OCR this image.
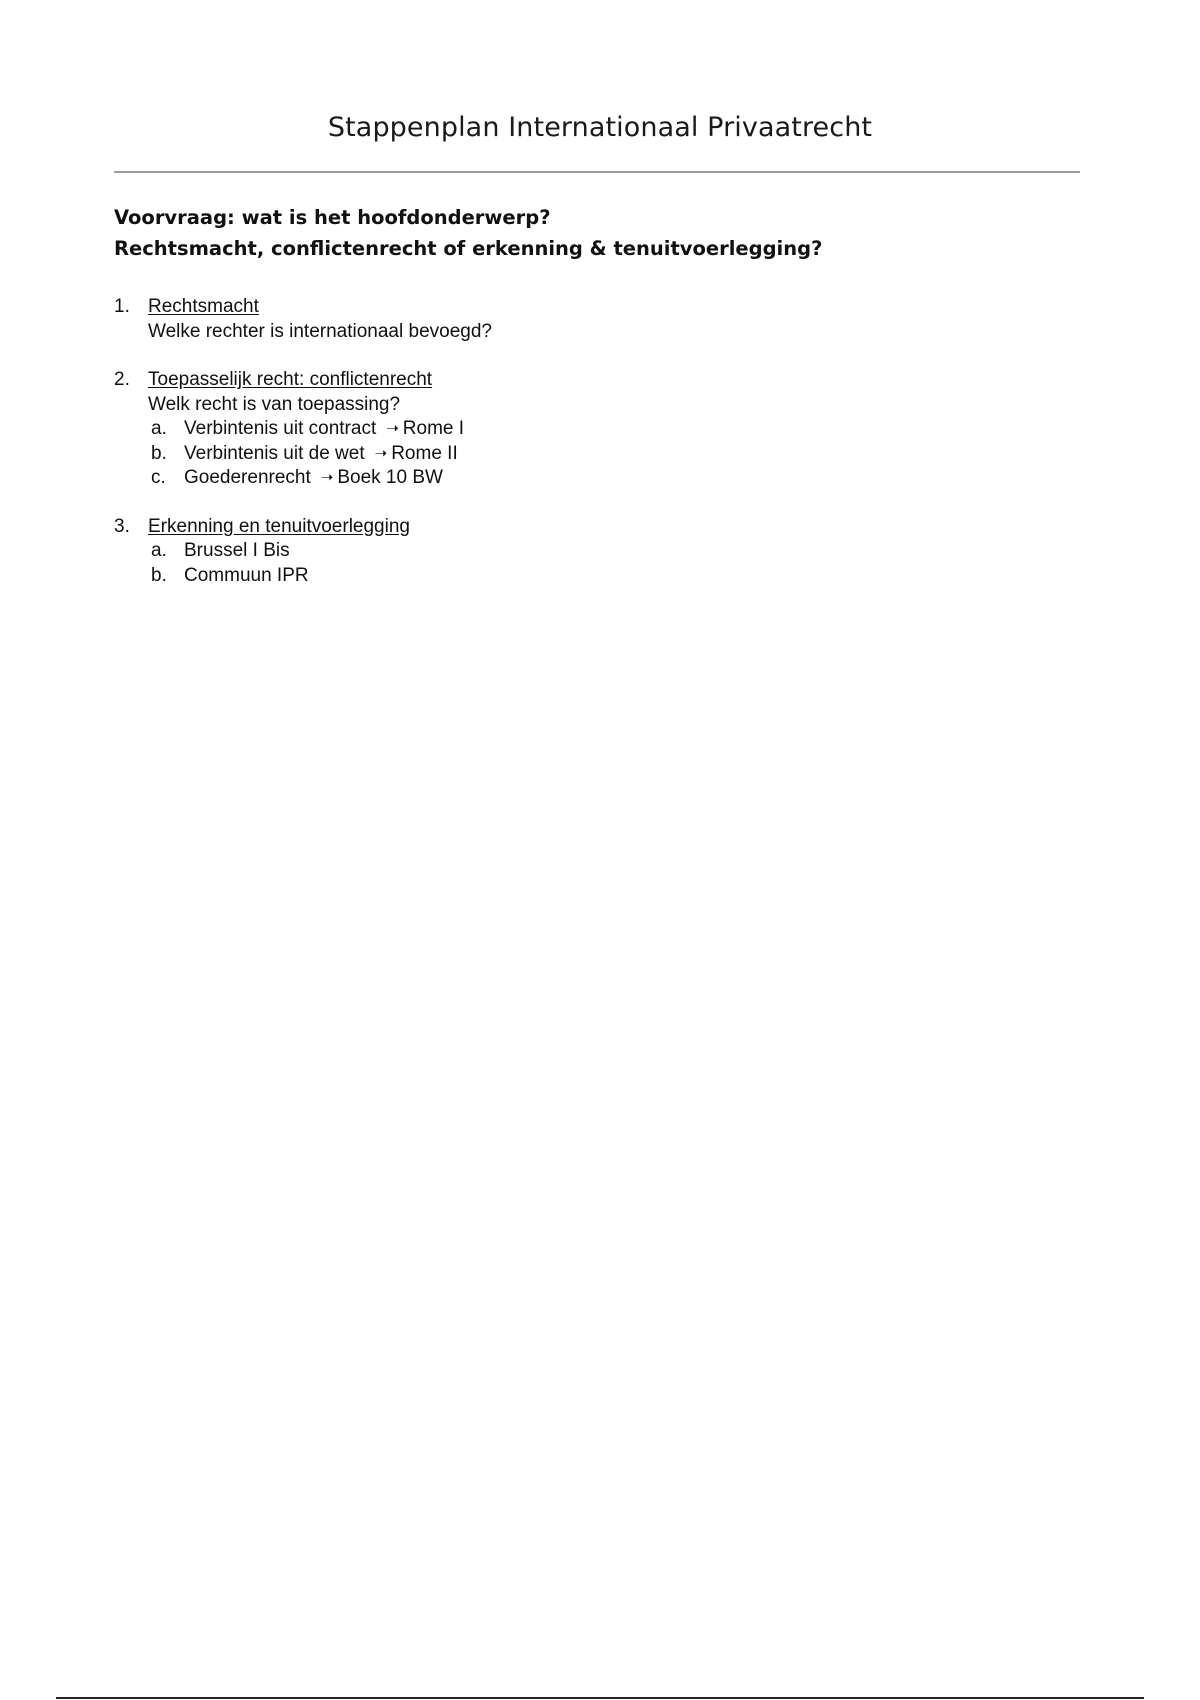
Stappenplan Internationaal Privaatrecht
Voorvraag: wat is het hoofdonderwerp?
Rechtsmacht, conflictenrecht of erkenning & tenuitvoerlegging?
1. Rechtsmacht
Welke rechter is internationaal bevoegd?
2. Toepasselijk recht: conflictenrecht
Welk recht is van toepassing?
a. Verbintenis uit contract ➝ Rome I
b. Verbintenis uit de wet ➝ Rome II
c. Goederenrecht ➝ Boek 10 BW
3. Erkenning en tenuitvoerlegging
a. Brussel I Bis
b. Commuun IPR
